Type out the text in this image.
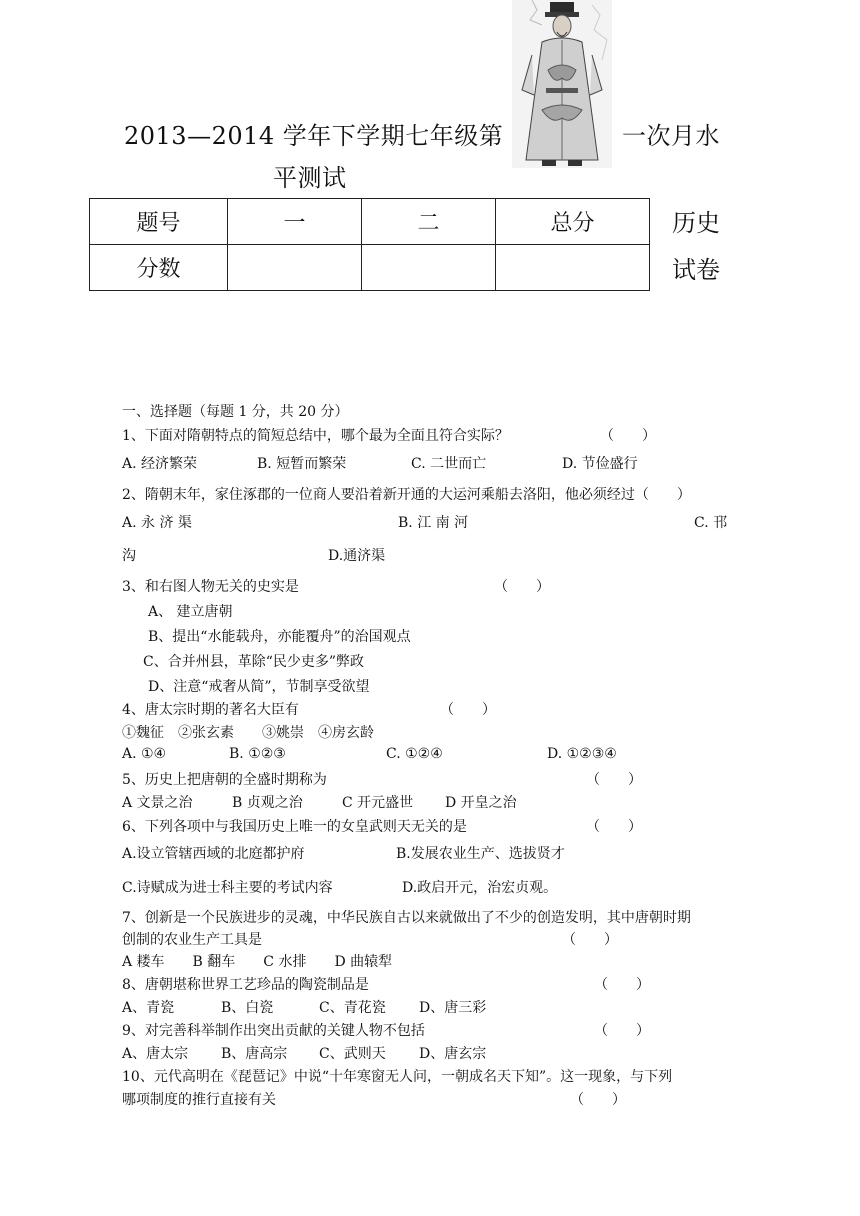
2013—2014 学年下学期七年级第	一次月水
平测试
历史
试卷
题号	一	二	总分
分数			
一、选择题（每题 1 分，共 20 分）
1、下面对隋朝特点的简短总结中，哪个最为全面且符合实际？	（　　）
A. 经济繁荣	B. 短暂而繁荣	C. 二世而亡	D. 节俭盛行
2、隋朝末年，家住涿郡的一位商人要沿着新开通的大运河乘船去洛阳，他必须经过（　　）
A. 永 济 渠	B. 江 南 河	C. 邗
沟	D.通济渠
3、和右图人物无关的史实是	（　　）
A、 建立唐朝
B、提出“水能载舟，亦能覆舟”的治国观点
C、合并州县，革除“民少吏多”弊政
D、注意“戒奢从简”，节制享受欲望
4、唐太宗时期的著名大臣有	（　　）
①魏征　②张玄素　　③姚崇　④房玄龄
A. ①④	B. ①②③	C. ①②④	D. ①②③④
5、历史上把唐朝的全盛时期称为	（　　）
A 文景之治	B 贞观之治	C 开元盛世 D 开皇之治
6、下列各项中与我国历史上唯一的女皇武则天无关的是	（　　）
A.设立管辖西域的北庭都护府	B.发展农业生产、选拔贤才
C.诗赋成为进士科主要的考试内容	D.政启开元，治宏贞观。
7、创新是一个民族进步的灵魂，中华民族自古以来就做出了不少的创造发明，其中唐朝时期
创制的农业生产工具是	（　　）
A 耧车　　B 翻车　　C 水排　　D 曲辕犁
8、唐朝堪称世界工艺珍品的陶瓷制品是	（　　）
A、青瓷	B、白瓷	C、青花瓷 D、唐三彩
9、对完善科举制作出突出贡献的关键人物不包括	（　　）
A、唐太宗 B、唐高宗 C、武则天 D、唐玄宗
10、元代高明在《琵琶记》中说“十年寒窗无人问，一朝成名天下知”。这一现象，与下列
哪项制度的推行直接有关	（　　）
